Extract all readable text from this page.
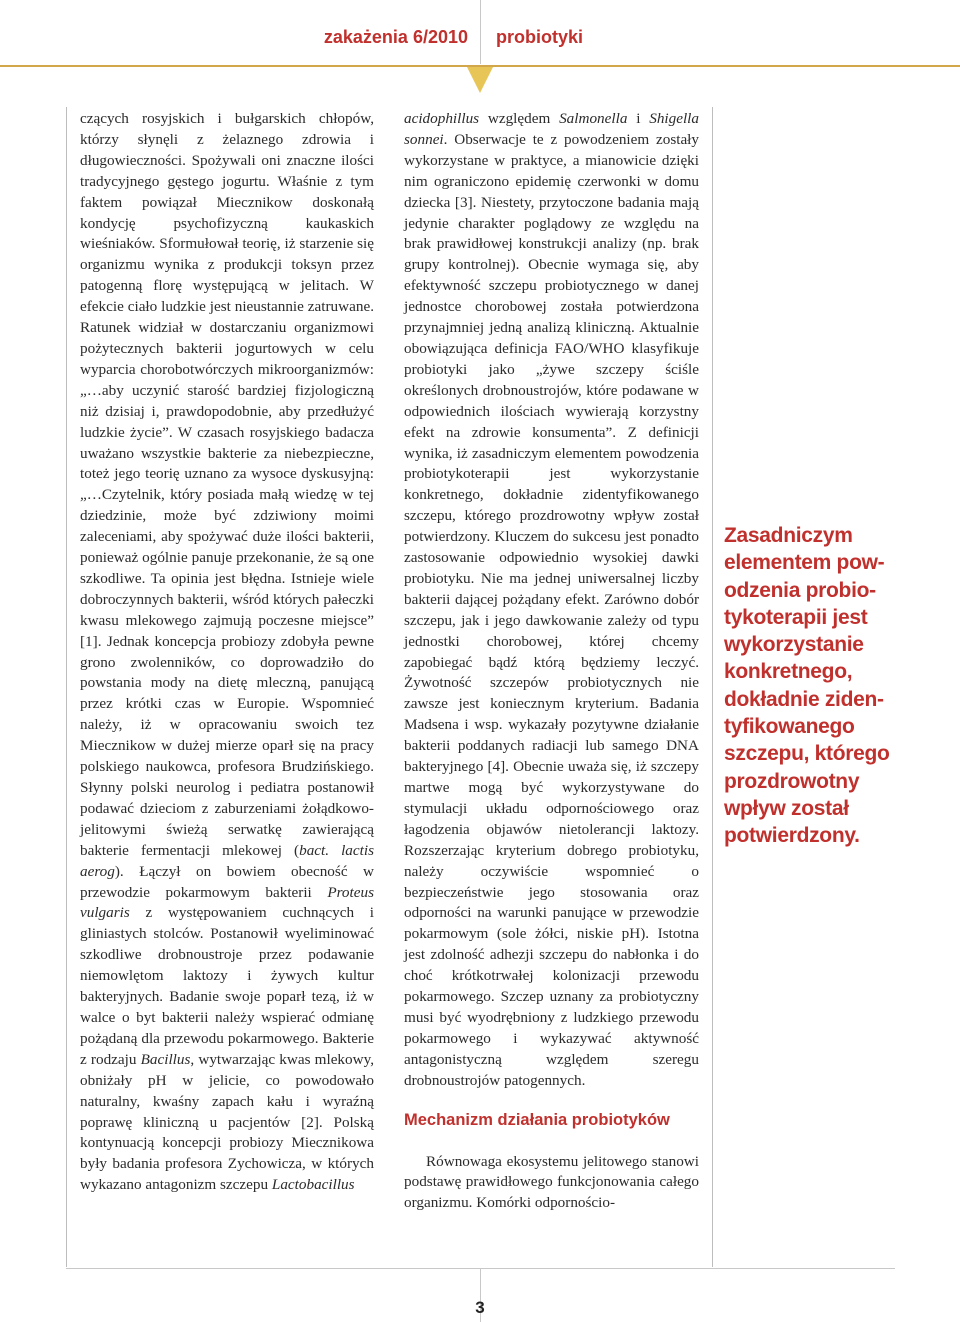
zakażenia 6/2010 probiotyki

czących rosyjskich i bułgarskich chłopów, którzy słynęli z żelaznego zdrowia i długowieczności. Spożywali oni znaczne ilości tradycyjnego gęstego jogurtu. Właśnie z tym faktem powiązał Miecznikow doskonałą kondycję psychofizyczną kaukaskich wieśniaków. Sformułował teorię, iż starzenie się organizmu wynika z produkcji toksyn przez patogenną florę występującą w jelitach. W efekcie ciało ludzkie jest nieustannie zatruwane. Ratunek widział w dostarczaniu organizmowi pożytecznych bakterii jogurtowych w celu wyparcia chorobotwórczych mikroorganizmów: „…aby uczynić starość bardziej fizjologiczną niż dzisiaj i, prawdopodobnie, aby przedłużyć ludzkie życie”. W czasach rosyjskiego badacza uważano wszystkie bakterie za niebezpieczne, toteż jego teorię uznano za wysoce dyskusyjną: „…Czytelnik, który posiada małą wiedzę w tej dziedzinie, może być zdziwiony moimi zaleceniami, aby spożywać duże ilości bakterii, ponieważ ogólnie panuje przekonanie, że są one szkodliwe. Ta opinia jest błędna. Istnieje wiele dobroczynnych bakterii, wśród których pałeczki kwasu mlekowego zajmują poczesne miejsce” [1]. Jednak koncepcja probiozy zdobyła pewne grono zwolenników, co doprowadziło do powstania mody na dietę mleczną, panującą przez krótki czas w Europie. Wspomnieć należy, iż w opracowaniu swoich tez Miecznikow w dużej mierze oparł się na pracy polskiego naukowca, profesora Brudzińskiego. Słynny polski neurolog i pediatra postanowił podawać dzieciom z zaburzeniami żołądkowo-jelitowymi świeżą serwatkę zawierającą bakterie fermentacji mlekowej (bact. lactis aerog). Łączył on bowiem obecność w przewodzie pokarmowym bakterii Proteus vulgaris z występowaniem cuchnących i gliniastych stolców. Postanowił wyeliminować szkodliwe drobnoustroje przez podawanie niemowlętom laktozy i żywych kultur bakteryjnych. Badanie swoje poparł tezą, iż w walce o byt bakterii należy wspierać odmianę pożądaną dla przewodu pokarmowego. Bakterie z rodzaju Bacillus, wytwarzając kwas mlekowy, obniżały pH w jelicie, co powodowało naturalny, kwaśny zapach kału i wyraźną poprawę kliniczną u pacjentów [2]. Polską kontynuacją koncepcji probiozy Miecznikowa były badania profesora Zychowicza, w których wykazano antagonizm szczepu Lactobacillus

acidophillus względem Salmonella i Shigella sonnei. Obserwacje te z powodzeniem zostały wykorzystane w praktyce, a mianowicie dzięki nim ograniczono epidemię czerwonki w domu dziecka [3]. Niestety, przytoczone badania mają jedynie charakter poglądowy ze względu na brak prawidłowej konstrukcji analizy (np. brak grupy kontrolnej). Obecnie wymaga się, aby efektywność szczepu probiotycznego w danej jednostce chorobowej została potwierdzona przynajmniej jedną analizą kliniczną. Aktualnie obowiązująca definicja FAO/WHO klasyfikuje probiotyki jako „żywe szczepy ściśle określonych drobnoustrojów, które podawane w odpowiednich ilościach wywierają korzystny efekt na zdrowie konsumenta”. Z definicji wynika, iż zasadniczym elementem powodzenia probiotykoterapii jest wykorzystanie konkretnego, dokładnie zidentyfikowanego szczepu, którego prozdrowotny wpływ został potwierdzony. Kluczem do sukcesu jest ponadto zastosowanie odpowiednio wysokiej dawki probiotyku. Nie ma jednej uniwersalnej liczby bakterii dającej pożądany efekt. Zarówno dobór szczepu, jak i jego dawkowanie zależy od typu jednostki chorobowej, której chcemy zapobiegać bądź którą będziemy leczyć. Żywotność szczepów probiotycznych nie zawsze jest koniecznym kryterium. Badania Madsena i wsp. wykazały pozytywne działanie bakterii poddanych radiacji lub samego DNA bakteryjnego [4]. Obecnie uważa się, iż szczepy martwe mogą być wykorzystywane do stymulacji układu odpornościowego oraz łagodzenia objawów nietolerancji laktozy. Rozszerzając kryterium dobrego probiotyku, należy oczywiście wspomnieć o bezpieczeństwie jego stosowania oraz odporności na warunki panujące w przewodzie pokarmowym (sole żółci, niskie pH). Istotna jest zdolność adhezji szczepu do nabłonka i do choć krótkotrwałej kolonizacji przewodu pokarmowego. Szczep uznany za probiotyczny musi być wyodrębniony z ludzkiego przewodu pokarmowego i wykazywać aktywność antagonistyczną względem szeregu drobnoustrojów patogennych.

Mechanizm działania probiotyków

Równowaga ekosystemu jelitowego stanowi podstawę prawidłowego funkcjonowania całego organizmu. Komórki odpornościo-

Zasadniczym
elementem pow-
odzenia probio-
tykoterapii jest
wykorzystanie
konkretnego,
dokładnie ziden-
tyfikowanego
szczepu, którego
prozdrowotny
wpływ został
potwierdzony.
3
